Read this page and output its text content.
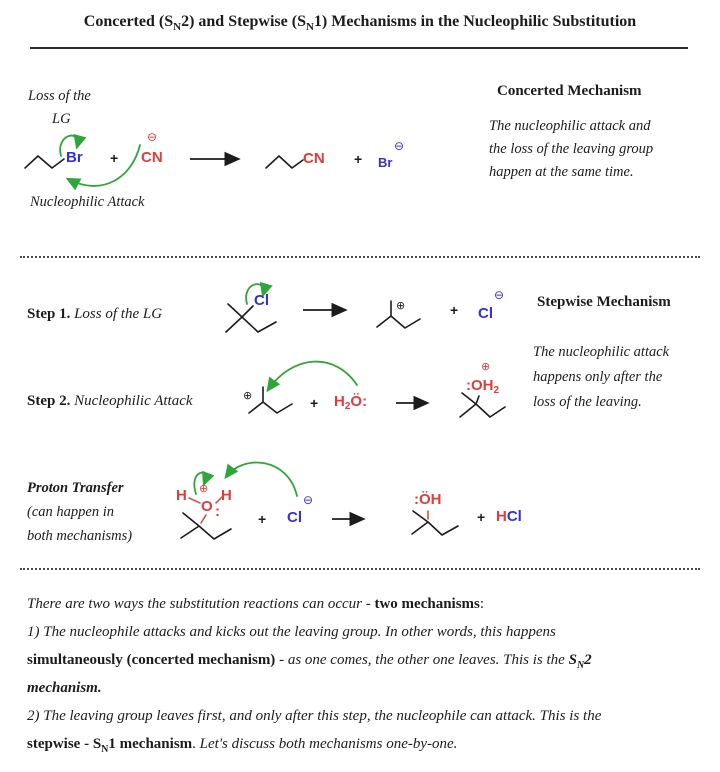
Concerted $(S_N2)$ and Stepwise $(S_N1)$ Mechanisms in the Nucleophilic Substitution
Loss of the
LG
Nucleophilic Attack
Br +
⊖
CN	CN + Br
⊖
Concerted Mechanism
The nucleophilic attack and
the loss of the leaving group
happen at the same time.
Step 1. Loss of the LG
Cl	⊕	+ Cl
⊖ Stepwise Mechanism
Step 2. Nucleophilic Attack	⊕	+ $H_2Ö$:
⊕
$:OH_2$
The nucleophilic attack
happens only after the
loss of the leaving.
Proton Transfer
(can happen in
both mechanisms)
H ⊕
O :
H
+ Cl
⊖	:ÖH
+ HCl
There are two ways the substitution reactions can occur - two mechanisms:
1) The nucleophile attacks and kicks out the leaving group. In other words, this happens
simultaneously (concerted mechanism) - as one comes, the other one leaves. This is the $S_N2$
mechanism.
2) The leaving group leaves first, and only after this step, the nucleophile can attack. This is the
stepwise - $S_N1$ mechanism. Let's discuss both mechanisms one-by-one.
